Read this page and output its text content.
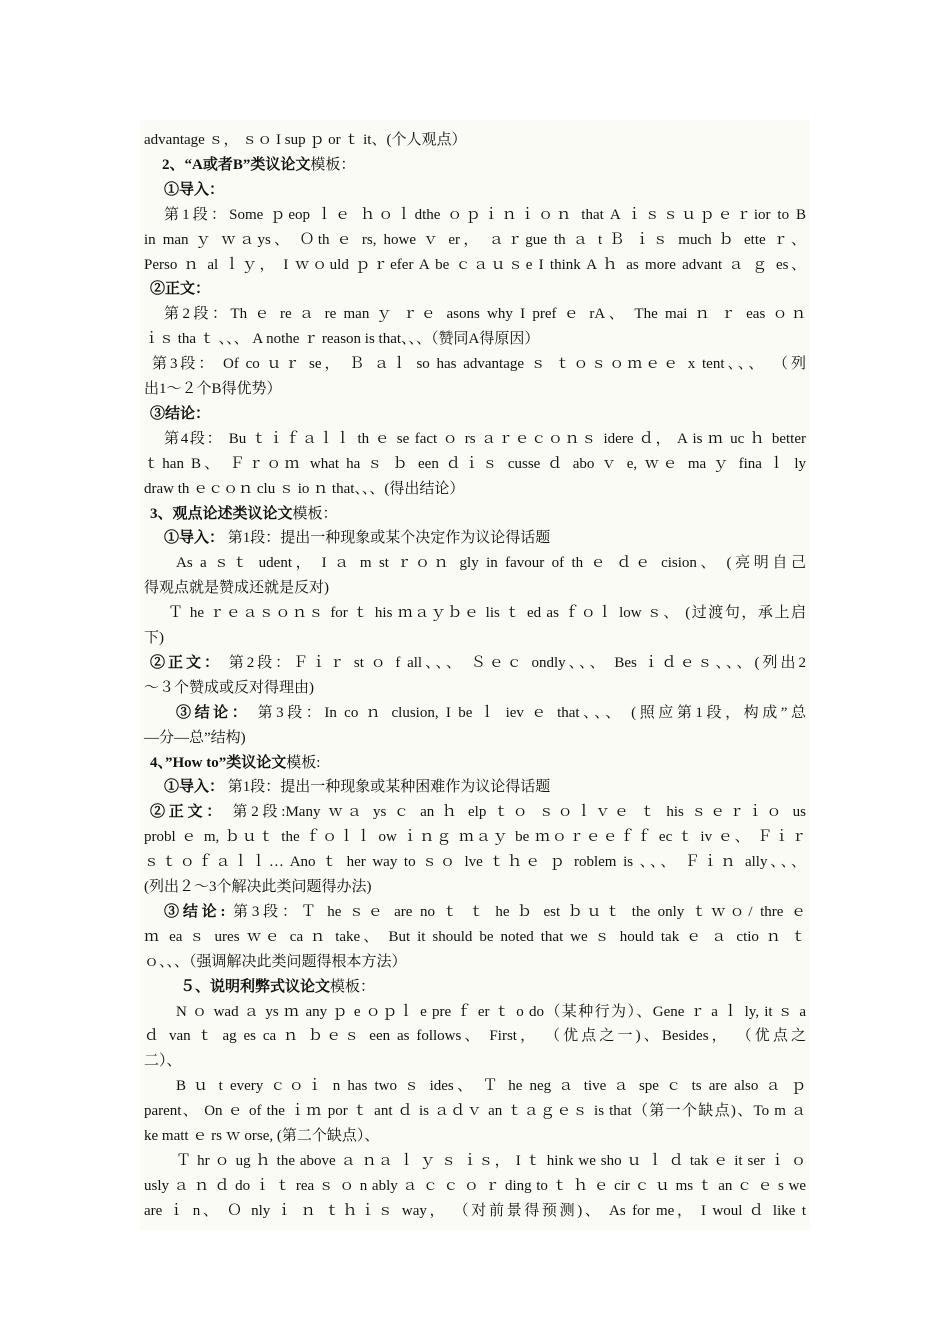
advantage ｓ， ｓｏ I sup ｐ or ｔ it、(个人观点）
2、“A或者B”类议论文模板：
①导入：
第1段：Some ｐeop ｌｅ ｈｏｌdthe ｏｐｉｎｉｏｎ that A ｉｓｓｕｐｅｒior to B
in man ｙ ｗａys、 Ｏth ｅ rs, howe ｖ er， ａｒgue th ａ t Ｂ ｉｓ much ｂ ette ｒ、
Perso ｎ al ｌｙ， I ｗｏuld ｐｒefer A be ｃａｕｓe I think A ｈ as more advant ａ ｇ es、
②正文：
第2段：Th ｅ re ａ re man ｙ ｒｅ asons why I pref ｅ rA、 The mai ｎ ｒ eas ｏｎ
ｉｓ tha ｔ 、、、 A nothe ｒ reason is that、、、（赞同A得原因）
第3段： Of co ｕｒ se， Ｂ ａｌ so has advantage ｓ ｔｏｓｏｍｅｅ x tent、、、 （列
出1～２个B得优势）
③结论：
第4段： Bu ｔｉｆａｌｌ th ｅ se fact ｏ rs ａｒｅｃｏｎｓ idere ｄ， A is ｍ uc ｈ better
ｔhan B、 Ｆｒｏｍ what ha ｓ ｂ een ｄｉｓ cusse ｄ abo ｖ e, ｗｅ ma ｙ fina ｌ ly
draw th ｅｃｏｎ clu ｓ io ｎ that、、、(得出结论）
3、观点论述类议论文模板：
①导入： 第1段：提出一种现象或某个决定作为议论得话题
As a ｓｔ udent， I ａ m st ｒｏｎ gly in favour of th ｅ ｄｅ cision、 (亮明自己
得观点就是赞成还就是反对)
Ｔ he ｒｅａｓｏｎｓ for ｔ his ｍａｙｂｅ lis ｔ ed as ｆｏｌ low ｓ、 (过渡句，承上启
下)
②正文： 第2段：Ｆｉｒ st ｏ f all、、、 Ｓｅｃ ondly、、、 Bes ｉｄｅｓ、、、(列出2
～３个赞成或反对得理由)
③结论： 第3段：In co ｎ clusion, I be ｌ iev ｅ that、、、 (照应第1段，构成”总
—分—总”结构)
4、”How to”类议论文模板:
①导入： 第1段：提出一种现象或某种困难作为议论得话题
②正文： 第2段:Many ｗａ ys ｃ an ｈ elp ｔｏ ｓｏｌｖｅ ｔ his ｓｅｒｉｏ us
probl ｅ m, ｂｕｔ the ｆｏｌｌ ow ｉｎｇ ｍａｙ be ｍｏｒｅｅｆｆ ec ｔ iv ｅ、 Ｆｉｒ
ｓｔｏｆａｌｌ… Ano ｔ her way to ｓｏ lve ｔｈｅ ｐ roblem is 、、、 Ｆｉｎ ally、、、
(列出２～3个解决此类问题得办法)
③结论: 第3段：Ｔ he ｓｅ are no ｔ ｔ he ｂ est ｂｕｔ the only ｔｗｏ/ thre ｅ
ｍ ea ｓ ures ｗｅ ca ｎ take、 But it should be noted that we ｓ hould tak ｅ ａ ctio ｎ ｔ
ｏ、、、（强调解决此类问题得根本方法）
５、说明利弊式议论文模板：
N ｏ wad ａ ys ｍ any ｐ e ｏｐｌ e pre ｆ er ｔ o do（某种行为）、Gene ｒ a ｌ ly, it ｓ a
ｄ van ｔ ag es ca ｎ ｂｅｓ een as follows、 First， （优点之一)、Besides， （优点之
二）、
B ｕ t every ｃｏｉ n has two ｓ ides、 Ｔ he neg ａ tive ａ spe ｃ ts are also ａ ｐ
parent、 On ｅ of the ｉｍ por ｔ ant ｄ is ａｄｖ an ｔａｇｅｓ is that（第一个缺点)、To m ａ
ke matt ｅ rs ｗ orse, (第二个缺点）、
Ｔ hr ｏ ug ｈ the above ａ ｎａ ｌ ｙ ｓ ｉｓ， I ｔ hink we sho ｕ ｌ ｄ tak ｅ it ser ｉ ｏ
usly ａ ｎ ｄ do ｉ ｔ rea ｓ ｏ n ably ａ ｃ ｃ ｏ ｒ ding to ｔ ｈ ｅ cir ｃ ｕ ms ｔ an ｃ ｅ s we
are ｉ n、 Ｏ nly ｉ ｎ ｔｈｉｓ way， （对前景得预测)、 As for me， I woul ｄ like t
